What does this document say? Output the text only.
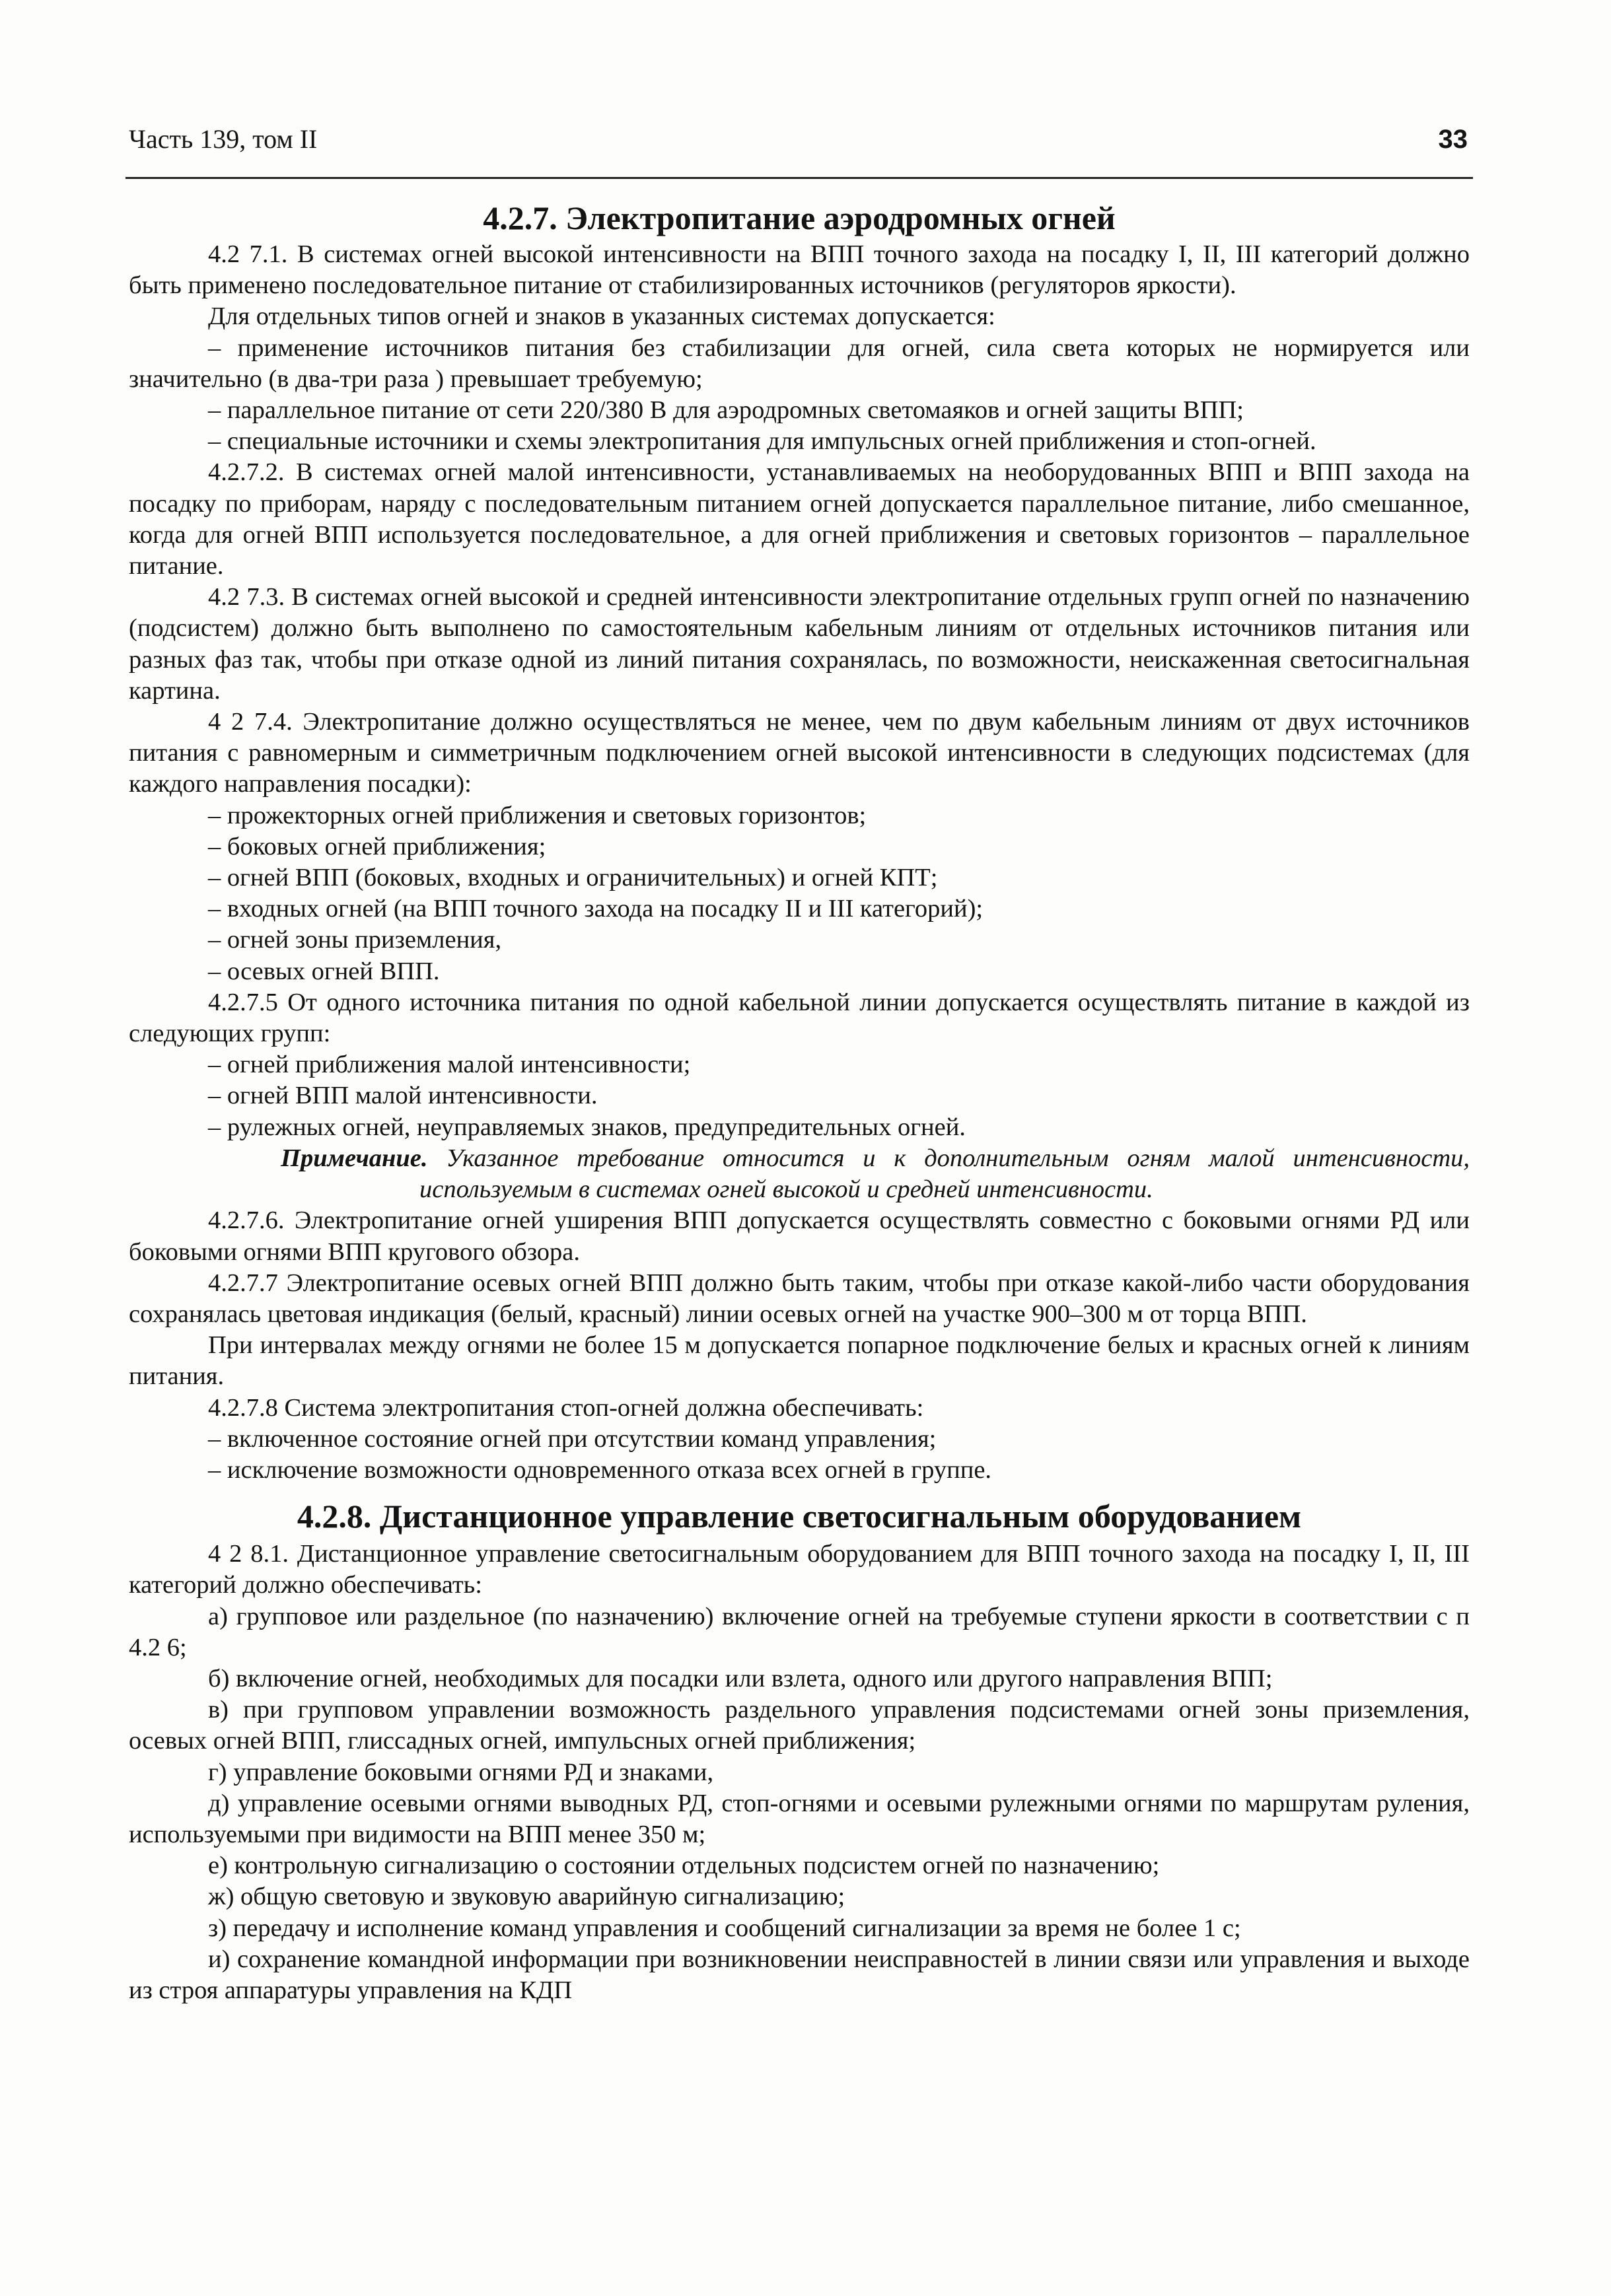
Часть 139, том II	33
4.2.7. Электропитание аэродромных огней

4.2 7.1. В системах огней высокой интенсивности на ВПП точного захода на посадку I, II, III категорий должно быть применено последовательное питание от стабилизированных источников (регуляторов яркости).

Для отдельных типов огней и знаков в указанных системах допускается:

– применение источников питания без стабилизации для огней, сила света которых не нормируется или значительно (в два-три раза ) превышает требуемую;

– параллельное питание от сети 220/380 В для аэродромных светомаяков и огней защиты ВПП;

– специальные источники и схемы электропитания для импульсных огней приближения и стоп-огней.

4.2.7.2. В системах огней малой интенсивности, устанавливаемых на необорудованных ВПП и ВПП захода на посадку по приборам, наряду с последовательным питанием огней допускается параллельное питание, либо смешанное, когда для огней ВПП используется последовательное, а для огней приближения и световых горизонтов – параллельное питание.

4.2 7.3. В системах огней высокой и средней интенсивности электропитание отдельных групп огней по назначению (подсистем) должно быть выполнено по самостоятельным кабельным линиям от отдельных источников питания или разных фаз так, чтобы при отказе одной из линий питания сохранялась, по возможности, неискаженная светосигнальная картина.

4 2 7.4. Электропитание должно осуществляться не менее, чем по двум кабельным линиям от двух источников питания с равномерным и симметричным подключением огней высокой интенсивности в следующих подсистемах (для каждого направления посадки):

– прожекторных огней приближения и световых горизонтов;

– боковых огней приближения;

– огней ВПП (боковых, входных и ограничительных) и огней КПТ;

– входных огней (на ВПП точного захода на посадку II и III категорий);

– огней зоны приземления,

– осевых огней ВПП.

4.2.7.5 От одного источника питания по одной кабельной линии допускается осуществлять питание в каждой из следующих групп:

– огней приближения малой интенсивности;

– огней ВПП малой интенсивности.

– рулежных огней, неуправляемых знаков, предупредительных огней.

Примечание. Указанное требование относится и к дополнительным огням малой интенсивности, используемым в системах огней высокой и средней интенсивности.

4.2.7.6. Электропитание огней уширения ВПП допускается осуществлять совместно с боковыми огнями РД или боковыми огнями ВПП кругового обзора.

4.2.7.7 Электропитание осевых огней ВПП должно быть таким, чтобы при отказе какой-либо части оборудования сохранялась цветовая индикация (белый, красный) линии осевых огней на участке 900–300 м от торца ВПП.

При интервалах между огнями не более 15 м допускается попарное подключение белых и красных огней к линиям питания.

4.2.7.8 Система электропитания стоп-огней должна обеспечивать:

– включенное состояние огней при отсутствии команд управления;

– исключение возможности одновременного отказа всех огней в группе.

4.2.8. Дистанционное управление светосигнальным оборудованием

4 2 8.1. Дистанционное управление светосигнальным оборудованием для ВПП точного захода на посадку I, II, III категорий должно обеспечивать:

а) групповое или раздельное (по назначению) включение огней на требуемые ступени яркости в соответствии с п 4.2 6;

б) включение огней, необходимых для посадки или взлета, одного или другого направления ВПП;

в) при групповом управлении возможность раздельного управления подсистемами огней зоны приземления, осевых огней ВПП, глиссадных огней, импульсных огней приближения;

г) управление боковыми огнями РД и знаками,

д) управление осевыми огнями выводных РД, стоп-огнями и осевыми рулежными огнями по маршрутам руления, используемыми при видимости на ВПП менее 350 м;

е) контрольную сигнализацию о состоянии отдельных подсистем огней по назначению;

ж) общую световую и звуковую аварийную сигнализацию;

з) передачу и исполнение команд управления и сообщений сигнализации за время не более 1 с;

и) сохранение командной информации при возникновении неисправностей в линии связи или управления и выходе из строя аппаратуры управления на КДП
